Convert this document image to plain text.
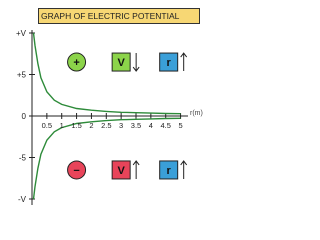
GRAPH OF ELECTRIC POTENTIAL
+	V	r
−	V	r
+V
+5
0
-5
-V
0.5 1 1.5 2 2.5 3 3.5 4 4.5 5
r(m)
